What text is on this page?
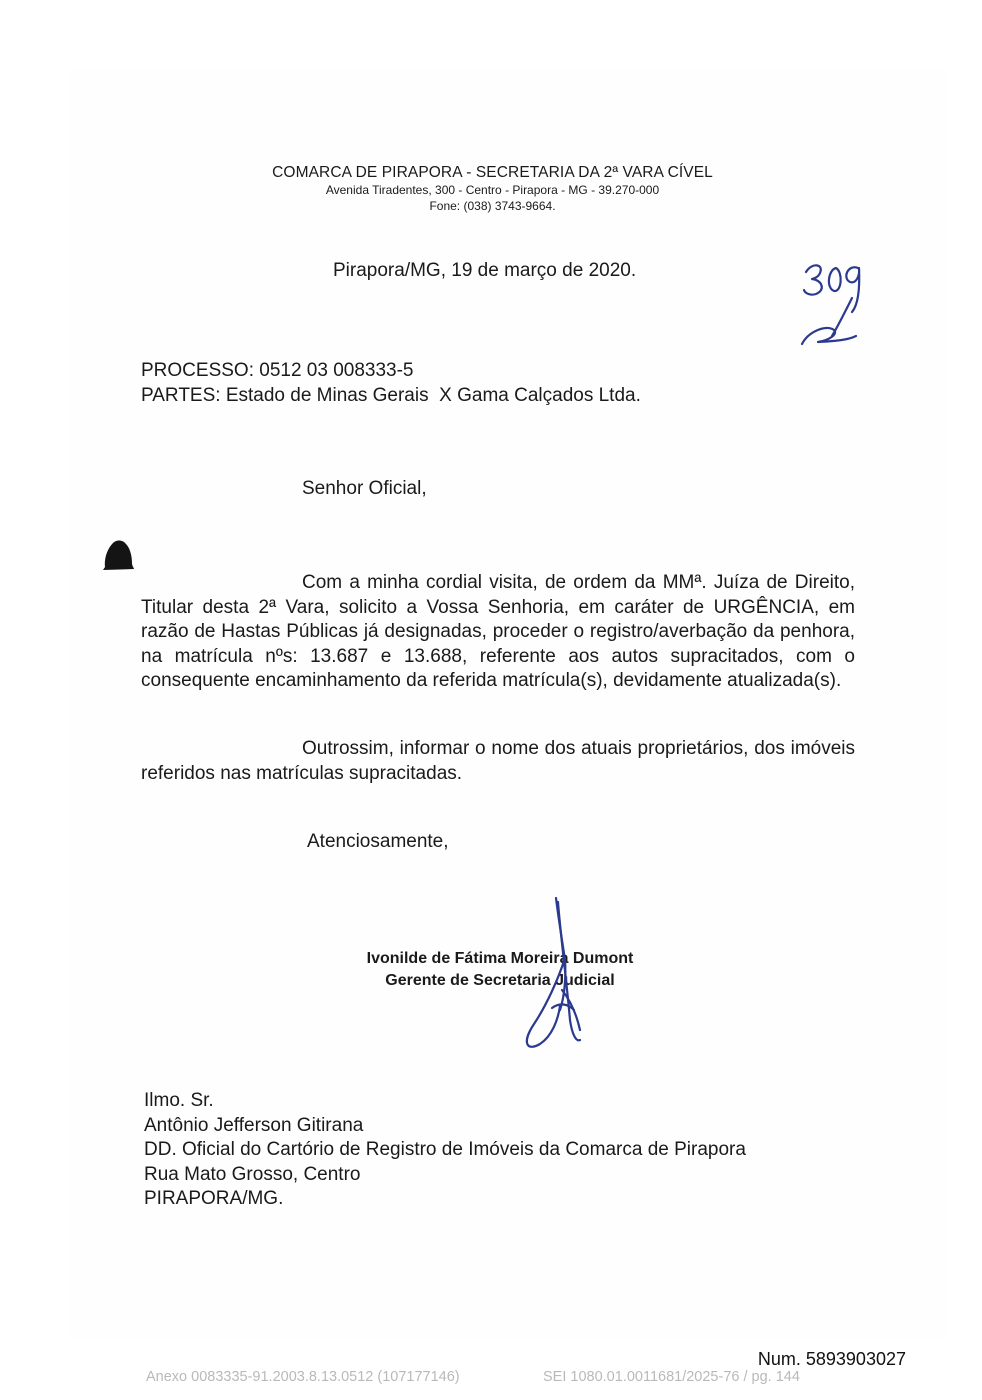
COMARCA DE PIRAPORA - SECRETARIA DA 2ª VARA CÍVEL
Avenida Tiradentes, 300 - Centro - Pirapora - MG - 39.270-000
Fone: (038) 3743-9664.
Pirapora/MG, 19 de março de 2020.
PROCESSO: 0512 03 008333-5
PARTES: Estado de Minas Gerais  X Gama Calçados Ltda.
Senhor Oficial,

Com a minha cordial visita, de ordem da MMª. Juíza de Direito, Titular desta 2ª Vara, solicito a Vossa Senhoria, em caráter de URGÊNCIA, em razão de Hastas Públicas já designadas, proceder o registro/averbação da penhora, na matrícula nºs: 13.687 e 13.688, referente aos autos supracitados, com o consequente encaminhamento da referida matrícula(s), devidamente atualizada(s).

Outrossim, informar o nome dos atuais proprietários, dos imóveis referidos nas matrículas supracitadas.

Atenciosamente,
Ivonilde de Fátima Moreira Dumont
Gerente de Secretaria Judicial
Ilmo. Sr.
Antônio Jefferson Gitirana
DD. Oficial do Cartório de Registro de Imóveis da Comarca de Pirapora
Rua Mato Grosso, Centro
PIRAPORA/MG.
Num. 5893903027
Anexo 0083335-91.2003.8.13.0512 (107177146)	SEI 1080.01.0011681/2025-76 / pg. 144
